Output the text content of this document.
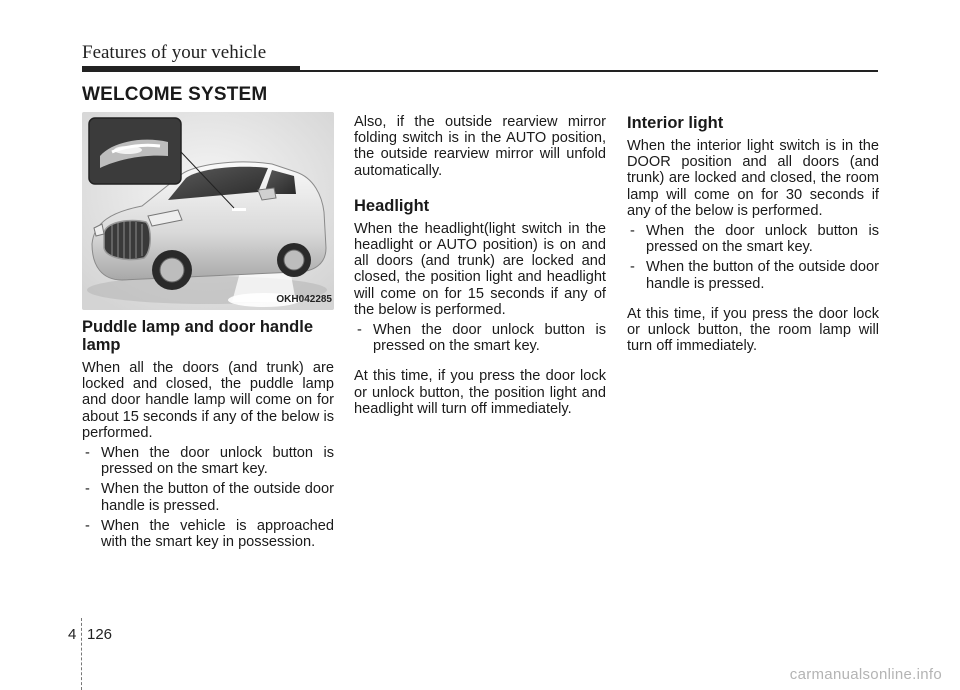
Features of your vehicle
WELCOME SYSTEM
OKH042285
Puddle lamp and door handle lamp

When all the doors (and trunk) are locked and closed, the puddle lamp and door handle lamp will come on for about 15 seconds if any of the below is performed.

- When the door unlock button is pressed on the smart key.
- When the button of the outside door handle is pressed.
- When the vehicle is approached with the smart key in possession.

Also, if the outside rearview mirror folding switch is in the AUTO position, the outside rearview mirror will unfold automatically.

Headlight

When the headlight(light switch in the headlight or AUTO position) is on and all doors (and trunk) are locked and closed, the position light and headlight will come on for 15 seconds if any of the below is performed.

- When the door unlock button is pressed on the smart key.

At this time, if you press the door lock or unlock button, the position light and headlight will turn off immediately.

Interior light

When the interior light switch is in the DOOR position and all doors (and trunk) are locked and closed, the room lamp will come on for 30 seconds if any of the below is performed.

- When the door unlock button is pressed on the smart key.
- When the button of the outside door handle is pressed.

At this time, if you press the door lock or unlock button, the room lamp will turn off immediately.

4 126
carmanualsonline.info
